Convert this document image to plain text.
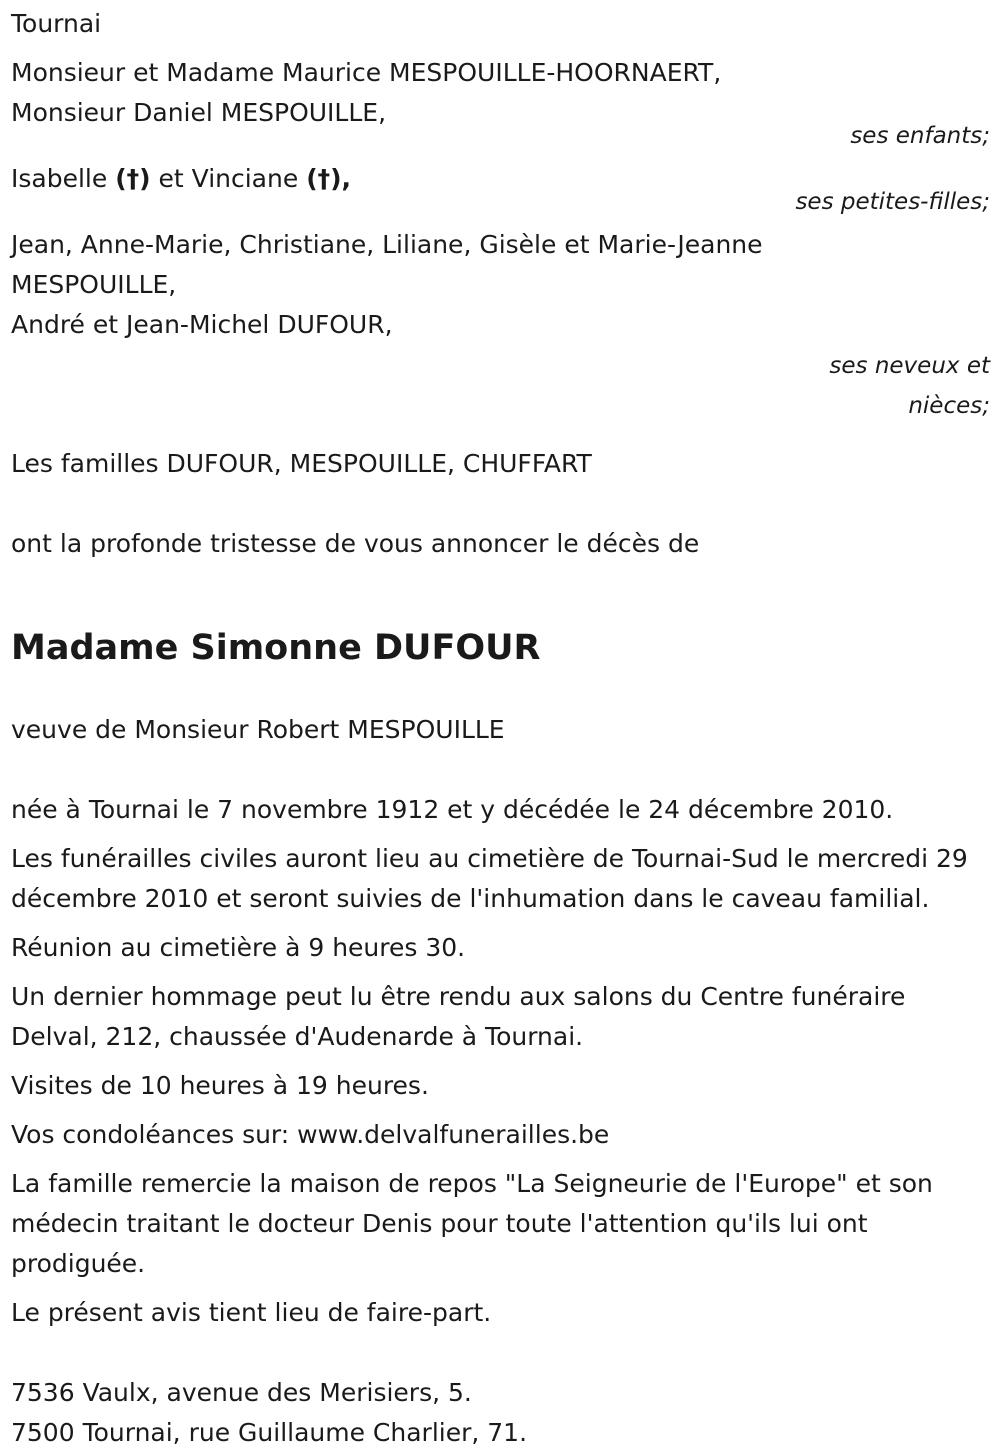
Tournai

Monsieur et Madame Maurice MESPOUILLE-HOORNAERT,

Monsieur Daniel MESPOUILLE,

ses enfants;

Isabelle (†) et Vinciane (†),

ses petites-filles;

Jean, Anne-Marie, Christiane, Liliane, Gisèle et Marie-Jeanne

MESPOUILLE,

André et Jean-Michel DUFOUR,

ses neveux et

nièces;

Les familles DUFOUR, MESPOUILLE, CHUFFART

ont la profonde tristesse de vous annoncer le décès de

Madame Simonne DUFOUR

veuve de Monsieur Robert MESPOUILLE

née à Tournai le 7 novembre 1912 et y décédée le 24 décembre 2010.

Les funérailles civiles auront lieu au cimetière de Tournai-Sud le mercredi 29 décembre 2010 et seront suivies de l'inhumation dans le caveau familial.

Réunion au cimetière à 9 heures 30.

Un dernier hommage peut lu être rendu aux salons du Centre funéraire Delval, 212, chaussée d'Audenarde à Tournai.

Visites de 10 heures à 19 heures.

Vos condoléances sur: www.delvalfunerailles.be

La famille remercie la maison de repos "La Seigneurie de l'Europe" et son médecin traitant le docteur Denis pour toute l'attention qu'ils lui ont prodiguée.

Le présent avis tient lieu de faire-part.

7536 Vaulx, avenue des Merisiers, 5.

7500 Tournai, rue Guillaume Charlier, 71.
